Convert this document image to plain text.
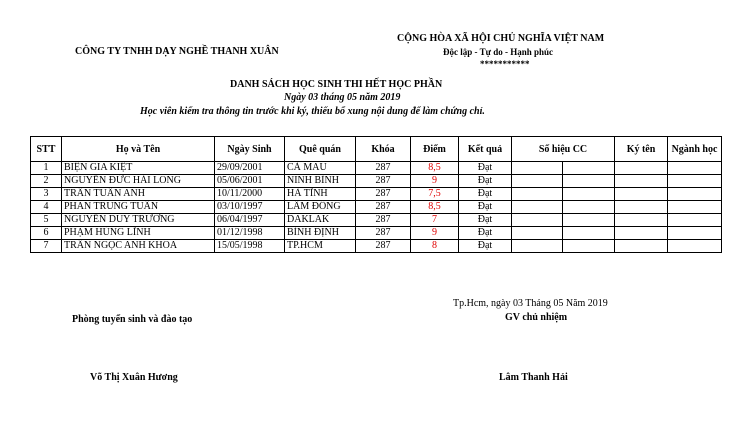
CÔNG TY TNHH DẠY NGHỀ THANH XUÂN
CỘNG HÒA XÃ HỘI CHỦ NGHĨA VIỆT NAM
Độc lập - Tự do - Hạnh phúc
***********
DANH SÁCH HỌC SINH THI HẾT HỌC PHẦN
Ngày 03 tháng 05 năm 2019
Học viên kiểm tra thông tin trước khi ký, thiếu bổ xung nội dung để làm chứng chỉ.
STT	Họ và Tên	Ngày Sinh	Quê quán	Khóa	Điểm	Kết quả	Số hiệu CC		Ký tên	Ngành học
1	BIỆN GIA KIỆT	29/09/2001	CÀ MAU	287	8,5	Đạt				
2	NGUYỄN ĐỨC HẢI LONG	05/06/2001	NINH BÌNH	287	9	Đạt				
3	TRẦN TUẤN ANH	10/11/2000	HÀ TĨNH	287	7,5	Đạt				
4	PHAN TRUNG TUẤN	03/10/1997	LÂM ĐỒNG	287	8,5	Đạt				
5	NGUYỄN DUY TRƯỜNG	06/04/1997	DAKLAK	287	7	Đạt				
6	PHẠM HÙNG LĨNH	01/12/1998	BÌNH ĐỊNH	287	9	Đạt				
7	TRẦN NGỌC ANH KHOA	15/05/1998	TP.HCM	287	8	Đạt				
Tp.Hcm, ngày 03 Tháng 05 Năm 2019
Phòng tuyển sinh và đào tạo	GV chủ nhiệm
Võ Thị Xuân Hương	Lâm Thanh Hải
